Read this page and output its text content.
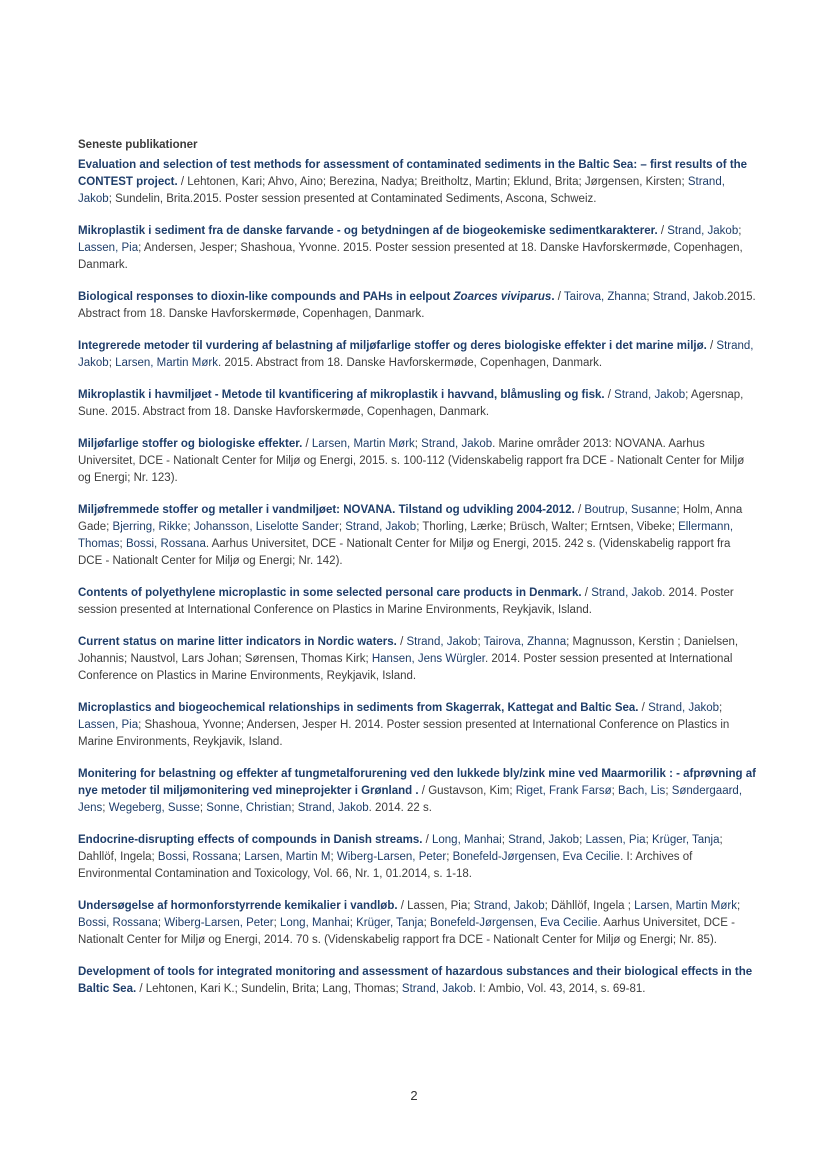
Seneste publikationer

Evaluation and selection of test methods for assessment of contaminated sediments in the Baltic Sea: – first results of the CONTEST project. / Lehtonen, Kari; Ahvo, Aino; Berezina, Nadya; Breitholtz, Martin; Eklund, Brita; Jørgensen, Kirsten; Strand, Jakob; Sundelin, Brita.2015. Poster session presented at Contaminated Sediments, Ascona, Schweiz.

Mikroplastik i sediment fra de danske farvande - og betydningen af de biogeokemiske sedimentkarakterer. / Strand, Jakob; Lassen, Pia; Andersen, Jesper; Shashoua, Yvonne. 2015. Poster session presented at 18. Danske Havforskermøde, Copenhagen, Danmark.

Biological responses to dioxin-like compounds and PAHs in eelpout Zoarces viviparus. / Tairova, Zhanna; Strand, Jakob.2015. Abstract from 18. Danske Havforskermøde, Copenhagen, Danmark.

Integrerede metoder til vurdering af belastning af miljøfarlige stoffer og deres biologiske effekter i det marine miljø. / Strand, Jakob; Larsen, Martin Mørk. 2015. Abstract from 18. Danske Havforskermøde, Copenhagen, Danmark.

Mikroplastik i havmiljøet - Metode til kvantificering af mikroplastik i havvand, blåmusling og fisk. / Strand, Jakob; Agersnap, Sune. 2015. Abstract from 18. Danske Havforskermøde, Copenhagen, Danmark.

Miljøfarlige stoffer og biologiske effekter. / Larsen, Martin Mørk; Strand, Jakob. Marine områder 2013: NOVANA. Aarhus Universitet, DCE - Nationalt Center for Miljø og Energi, 2015. s. 100-112 (Videnskabelig rapport fra DCE - Nationalt Center for Miljø og Energi; Nr. 123).

Miljøfremmede stoffer og metaller i vandmiljøet: NOVANA. Tilstand og udvikling 2004-2012. / Boutrup, Susanne; Holm, Anna Gade; Bjerring, Rikke; Johansson, Liselotte Sander; Strand, Jakob; Thorling, Lærke; Brüsch, Walter; Erntsen, Vibeke; Ellermann, Thomas; Bossi, Rossana. Aarhus Universitet, DCE - Nationalt Center for Miljø og Energi, 2015. 242 s. (Videnskabelig rapport fra DCE - Nationalt Center for Miljø og Energi; Nr. 142).

Contents of polyethylene microplastic in some selected personal care products in Denmark. / Strand, Jakob. 2014. Poster session presented at International Conference on Plastics in Marine Environments, Reykjavik, Island.

Current status on marine litter indicators in Nordic waters. / Strand, Jakob; Tairova, Zhanna; Magnusson, Kerstin ; Danielsen, Johannis; Naustvol, Lars Johan; Sørensen, Thomas Kirk; Hansen, Jens Würgler. 2014. Poster session presented at International Conference on Plastics in Marine Environments, Reykjavik, Island.

Microplastics and biogeochemical relationships in sediments from Skagerrak, Kattegat and Baltic Sea. / Strand, Jakob; Lassen, Pia; Shashoua, Yvonne; Andersen, Jesper H. 2014. Poster session presented at International Conference on Plastics in Marine Environments, Reykjavik, Island.

Monitering for belastning og effekter af tungmetalforurening ved den lukkede bly/zink mine ved Maarmorilik : - afprøvning af nye metoder til miljømonitering ved mineprojekter i Grønland . / Gustavson, Kim; Riget, Frank Farsø; Bach, Lis; Søndergaard, Jens; Wegeberg, Susse; Sonne, Christian; Strand, Jakob. 2014. 22 s.

Endocrine-disrupting effects of compounds in Danish streams. / Long, Manhai; Strand, Jakob; Lassen, Pia; Krüger, Tanja; Dahllöf, Ingela; Bossi, Rossana; Larsen, Martin M; Wiberg-Larsen, Peter; Bonefeld-Jørgensen, Eva Cecilie. I: Archives of Environmental Contamination and Toxicology, Vol. 66, Nr. 1, 01.2014, s. 1-18.

Undersøgelse af hormonforstyrrende kemikalier i vandløb. / Lassen, Pia; Strand, Jakob; Dähllöf, Ingela ; Larsen, Martin Mørk; Bossi, Rossana; Wiberg-Larsen, Peter; Long, Manhai; Krüger, Tanja; Bonefeld-Jørgensen, Eva Cecilie. Aarhus Universitet, DCE - Nationalt Center for Miljø og Energi, 2014. 70 s. (Videnskabelig rapport fra DCE - Nationalt Center for Miljø og Energi; Nr. 85).

Development of tools for integrated monitoring and assessment of hazardous substances and their biological effects in the Baltic Sea. / Lehtonen, Kari K.; Sundelin, Brita; Lang, Thomas; Strand, Jakob. I: Ambio, Vol. 43, 2014, s. 69-81.

2
